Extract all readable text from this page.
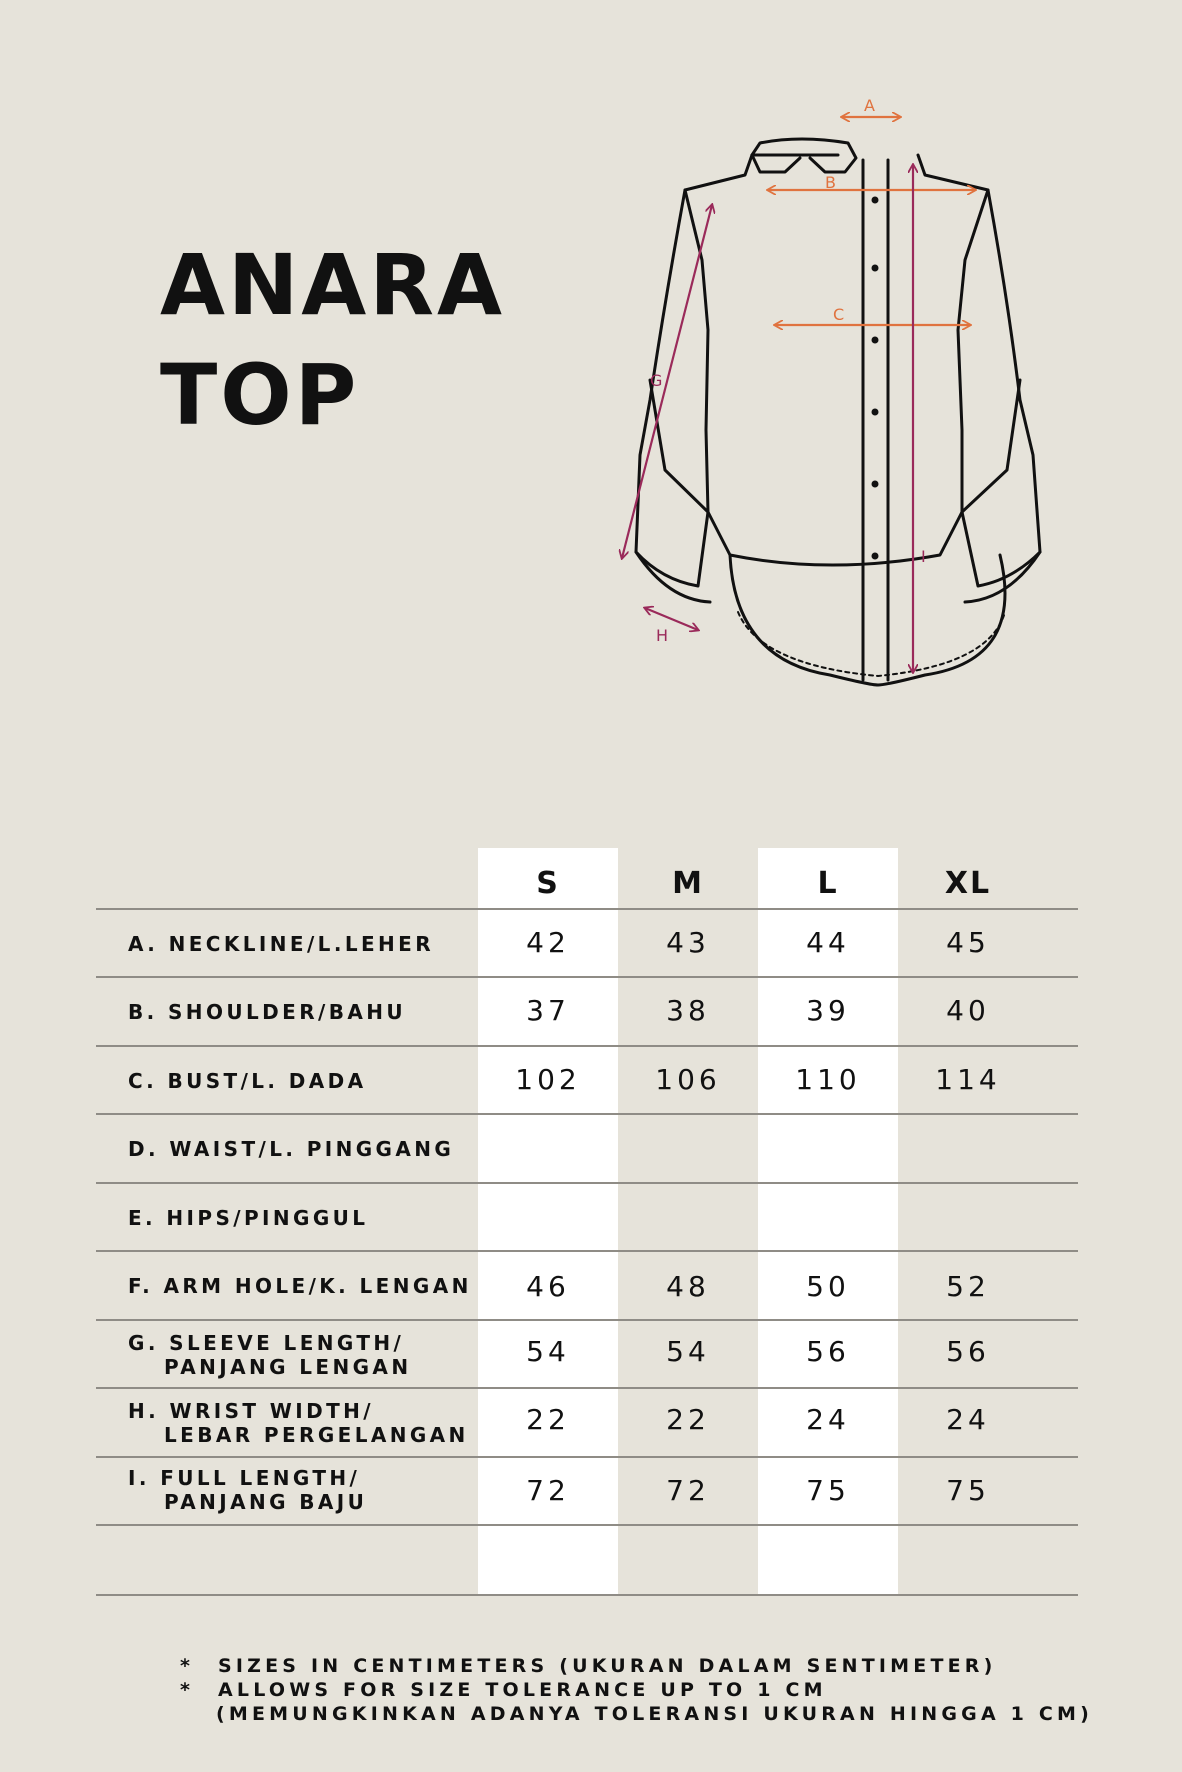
ANARA
TOP
A
B
C
G
H
I
S	M	L	XL
A. NECKLINE/L.LEHER	42	43	44	45
B. SHOULDER/BAHU	37	38	39	40
C. BUST/L. DADA	102	106	110	114
D. WAIST/L. PINGGANG
E. HIPS/PINGGUL
F. ARM HOLE/K. LENGAN	46	48	50	52
G. SLEEVE LENGTH/
PANJANG LENGAN	54	54	56	56
H. WRIST WIDTH/
LEBAR PERGELANGAN	22	22	24	24
I. FULL LENGTH/
PANJANG BAJU	72	72	75	75
* SIZES IN CENTIMETERS (UKURAN DALAM SENTIMETER)
* ALLOWS FOR SIZE TOLERANCE UP TO 1 CM
(MEMUNGKINKAN ADANYA TOLERANSI UKURAN HINGGA 1 CM)
